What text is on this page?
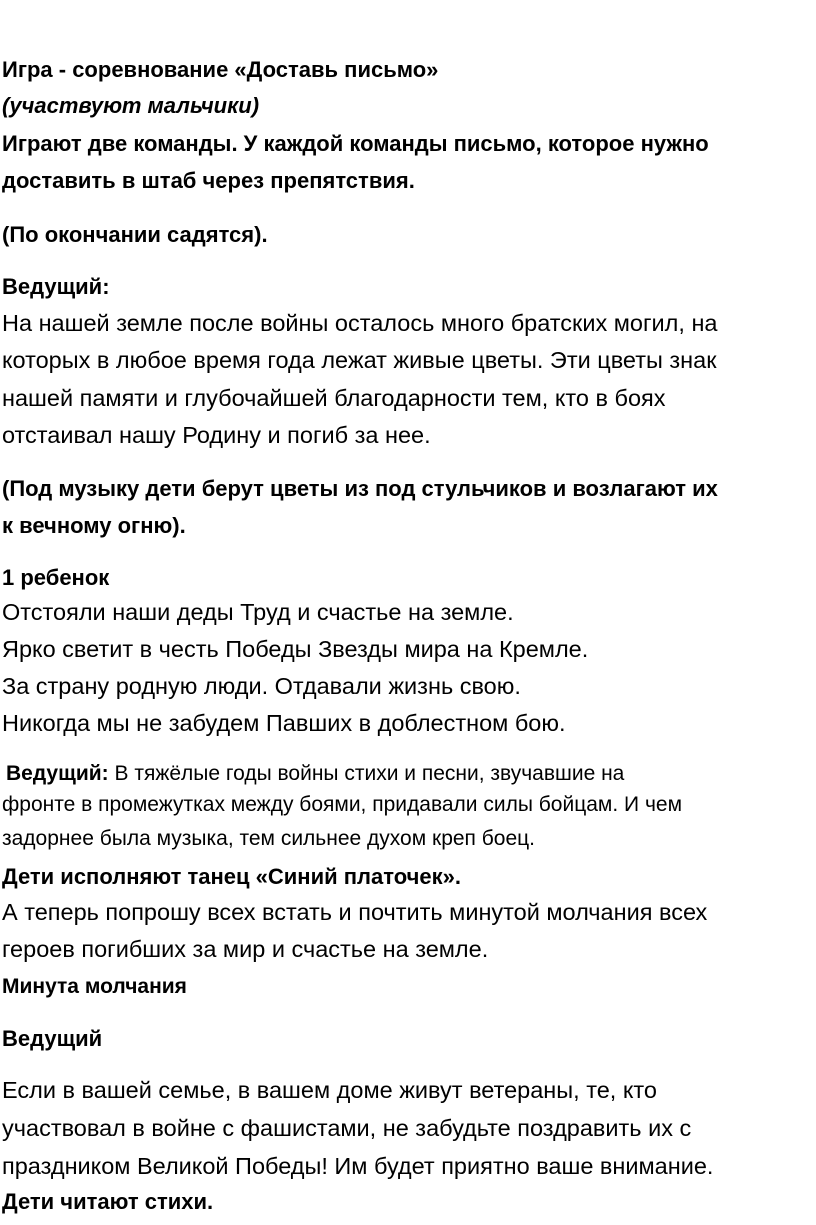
Игра - соревнование «Доставь письмо»
(участвуют мальчики)
Играют две команды. У каждой команды письмо, которое нужно
доставить в штаб через препятствия.
(По окончании садятся).
Ведущий:
На нашей земле после войны осталось много братских могил, на
которых в любое время года лежат живые цветы. Эти цветы знак
нашей памяти и глубочайшей благодарности тем, кто в боях
отстаивал нашу Родину и погиб за нее.
(Под музыку дети берут цветы из под стульчиков и возлагают их
к вечному огню).
1 ребенок
Отстояли наши деды Труд и счастье на земле.
Ярко светит в честь Победы Звезды мира на Кремле.
За страну родную люди. Отдавали жизнь свою.
Никогда мы не забудем Павших в доблестном бою.
Ведущий: В тяжёлые годы войны стихи и песни, звучавшие на
фронте в промежутках между боями, придавали силы бойцам. И чем
задорнее была музыка, тем сильнее духом креп боец.
Дети исполняют танец «Синий платочек».
А теперь попрошу всех встать и почтить минутой молчания всех
героев погибших за мир и счастье на земле.
Минута молчания
Ведущий
Если в вашей семье, в вашем доме живут ветераны, те, кто
участвовал в войне с фашистами, не забудьте поздравить их с
праздником Великой Победы! Им будет приятно ваше внимание.
Дети читают стихи.
